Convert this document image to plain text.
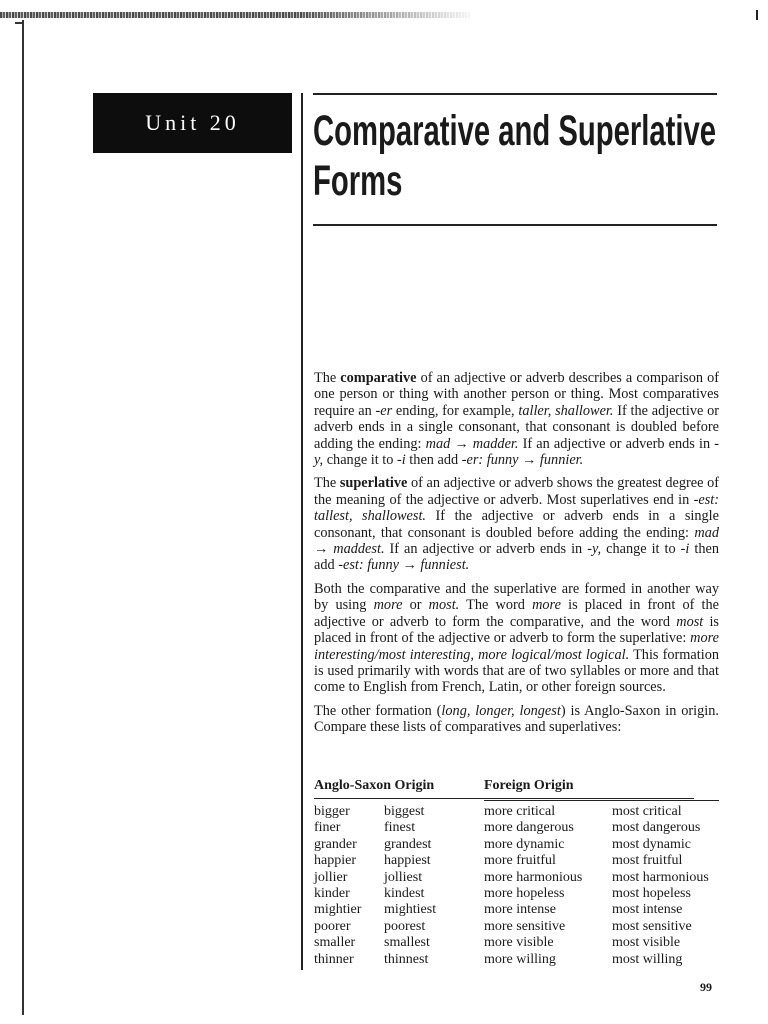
Unit 20 Comparative and Superlative
Forms

The comparative of an adjective or adverb describes a comparison of one person or thing with another person or thing. Most comparatives require an -er ending, for example, taller, shallower. If the adjective or adverb ends in a single consonant, that consonant is doubled before adding the ending: mad → madder. If an adjective or adverb ends in -y, change it to -i then add -er: funny → funnier.

The superlative of an adjective or adverb shows the greatest degree of the meaning of the adjective or adverb. Most superlatives end in -est: tallest, shallowest. If the adjective or adverb ends in a single consonant, that consonant is doubled before adding the ending: mad → maddest. If an adjective or adverb ends in -y, change it to -i then add -est: funny → funniest.

Both the comparative and the superlative are formed in another way by using more or most. The word more is placed in front of the adjective or adverb to form the comparative, and the word most is placed in front of the adjective or adverb to form the superlative: more interesting/most interesting, more logical/most logical. This formation is used primarily with words that are of two syllables or more and that come to English from French, Latin, or other foreign sources.

The other formation (long, longer, longest) is Anglo-Saxon in origin. Compare these lists of comparatives and superlatives:

Anglo-Saxon Origin	Foreign Origin
bigger biggest	more critical	most critical
finer	finest	more dangerous	most dangerous
grander grandest	more dynamic	most dynamic
happier happiest	more fruitful	most fruitful
jollier	jolliest	more harmonious most harmonious
kinder kindest	more hopeless	most hopeless
mightier mightiest	more intense	most intense
poorer poorest	more sensitive	most sensitive
smaller smallest	more visible	most visible
thinner thinnest	more willing	most willing
99
